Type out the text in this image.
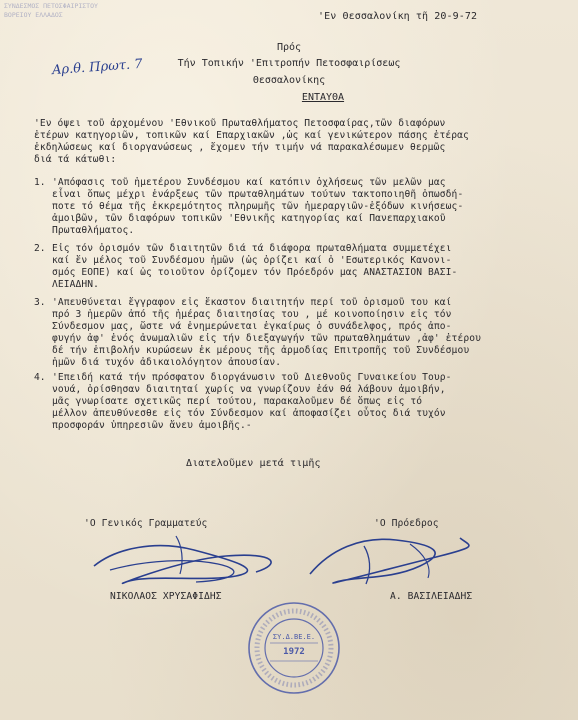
ΣΥΝΔΕΣΜΟΣ ΠΕΤΟΣΦΑΙΡΙΣΤΟΥ
ΒΟΡΕΙΟΥ ΕΛΛΑΔΟΣ	'Εν Θεσσαλονίκη τῆ 20-9-72
Αρ.θ. Πρωτ. 7
Πρός
Τήν Τοπικήν 'Επιτροπήν Πετοσφαιρίσεως
Θεσσαλονίκης
ΕΝΤΑΥΘΑ
'Εν όψει τοῦ ἀρχομένου 'Εθνικοῦ Πρωταθλήματος Πετοσφαίρας,τῶν διαφόρων
ἑτέρων κατηγοριῶν, τοπικῶν καί Επαρχιακῶν ,ὡς καί γενικώτερον πάσης ἑτέρας
ἐκδηλώσεως καί διοργανώσεως , ἔχομεν τήν τιμήν νά παρακαλέσωμεν θερμῶς
διά τά κάτωθι:
1. 'Απόφασις τοῦ ἡμετέρου Συνδέσμου καί κατόπιν ὀχλήσεως τῶν μελῶν μας
εἶναι ὅπως μέχρι ἐνάρξεως τῶν πρωταθλημάτων τούτων τακτοποιηθῆ ὁπωσδή-
ποτε τό θέμα τῆς ἐκκρεμότητος πληρωμῆς τῶν ἡμεραργιῶν-ἐξόδων κινήσεως-
ἀμοιβῶν, τῶν διαφόρων τοπικῶν 'Εθνικῆς κατηγορίας καί Πανεπαρχιακοῦ
Πρωταθλήματος.
2. Εἰς τόν ὁρισμόν τῶν διαιτητῶν διά τά διάφορα πρωταθλήματα συμμετέχει
καί ἕν μέλος τοῦ Συνδέσμου ἡμῶν (ὡς ὁρίζει καί ὁ 'Εσωτερικός Κανονι-
σμός ΕΟΠΕ) καί ὡς τοιοῦτον ὁρίζομεν τόν Πρόεδρόν μας ΑΝΑΣΤΑΣΙΟΝ ΒΑΣΙ-
ΛΕΙΑΔΗΝ.
3. 'Απευθύνεται ἔγγραφον εἰς ἕκαστον διαιτητήν περί τοῦ ὁρισμοῦ του καί
πρό 3 ἡμερῶν ἀπό τῆς ἡμέρας διαιτησίας του , μέ κοινοποίησιν εἰς τόν
Σύνδεσμον μας, ὥστε νά ἐνημερώνεται ἐγκαίρως ὁ συνάδελφος, πρός ἀπο-
φυγήν ἀφ' ἑνός ἀνωμαλιῶν εἰς τήν διεξαγωγήν τῶν πρωταθλημάτων ,ἀφ' ἑτέρου
δέ τήν ἐπιβολήν κυρώσεων ἐκ μέρους τῆς ἁρμοδίας Επιτροπῆς τοῦ Συνδέσμου
ἡμῶν διά τυχόν ἀδικαιολόγητον ἀπουσίαν.
4. 'Επειδή κατά τήν πρόσφατον διοργάνωσιν τοῦ Διεθνοῦς Γυναικείου Τουρ-
νουά, ὁρίσθησαν διαιτηταί χωρίς να γνωρίζουν ἐάν θά λάβουν ἀμοιβήν,
μᾶς γνωρίσατε σχετικῶς περί τούτου, παρακαλοῦμεν δέ ὅπως εἰς τό
μέλλον ἀπευθύνεσθε εἰς τόν Σύνδεσμον καί ἀποφασίζει οὗτος διά τυχόν
προσφοράν ὑπηρεσιῶν ἄνευ ἀμοιβῆς.-
Διατελοῦμεν μετά τιμῆς
'Ο Γενικός Γραμματεύς	'Ο Πρόεδρος
ΝΙΚΟΛΑΟΣ ΧΡΥΣΑΦΙΔΗΣ	Α. ΒΑΣΙΛΕΙΑΔΗΣ
ΣΥ.Δ.ΒΕ.Ε.
1972
